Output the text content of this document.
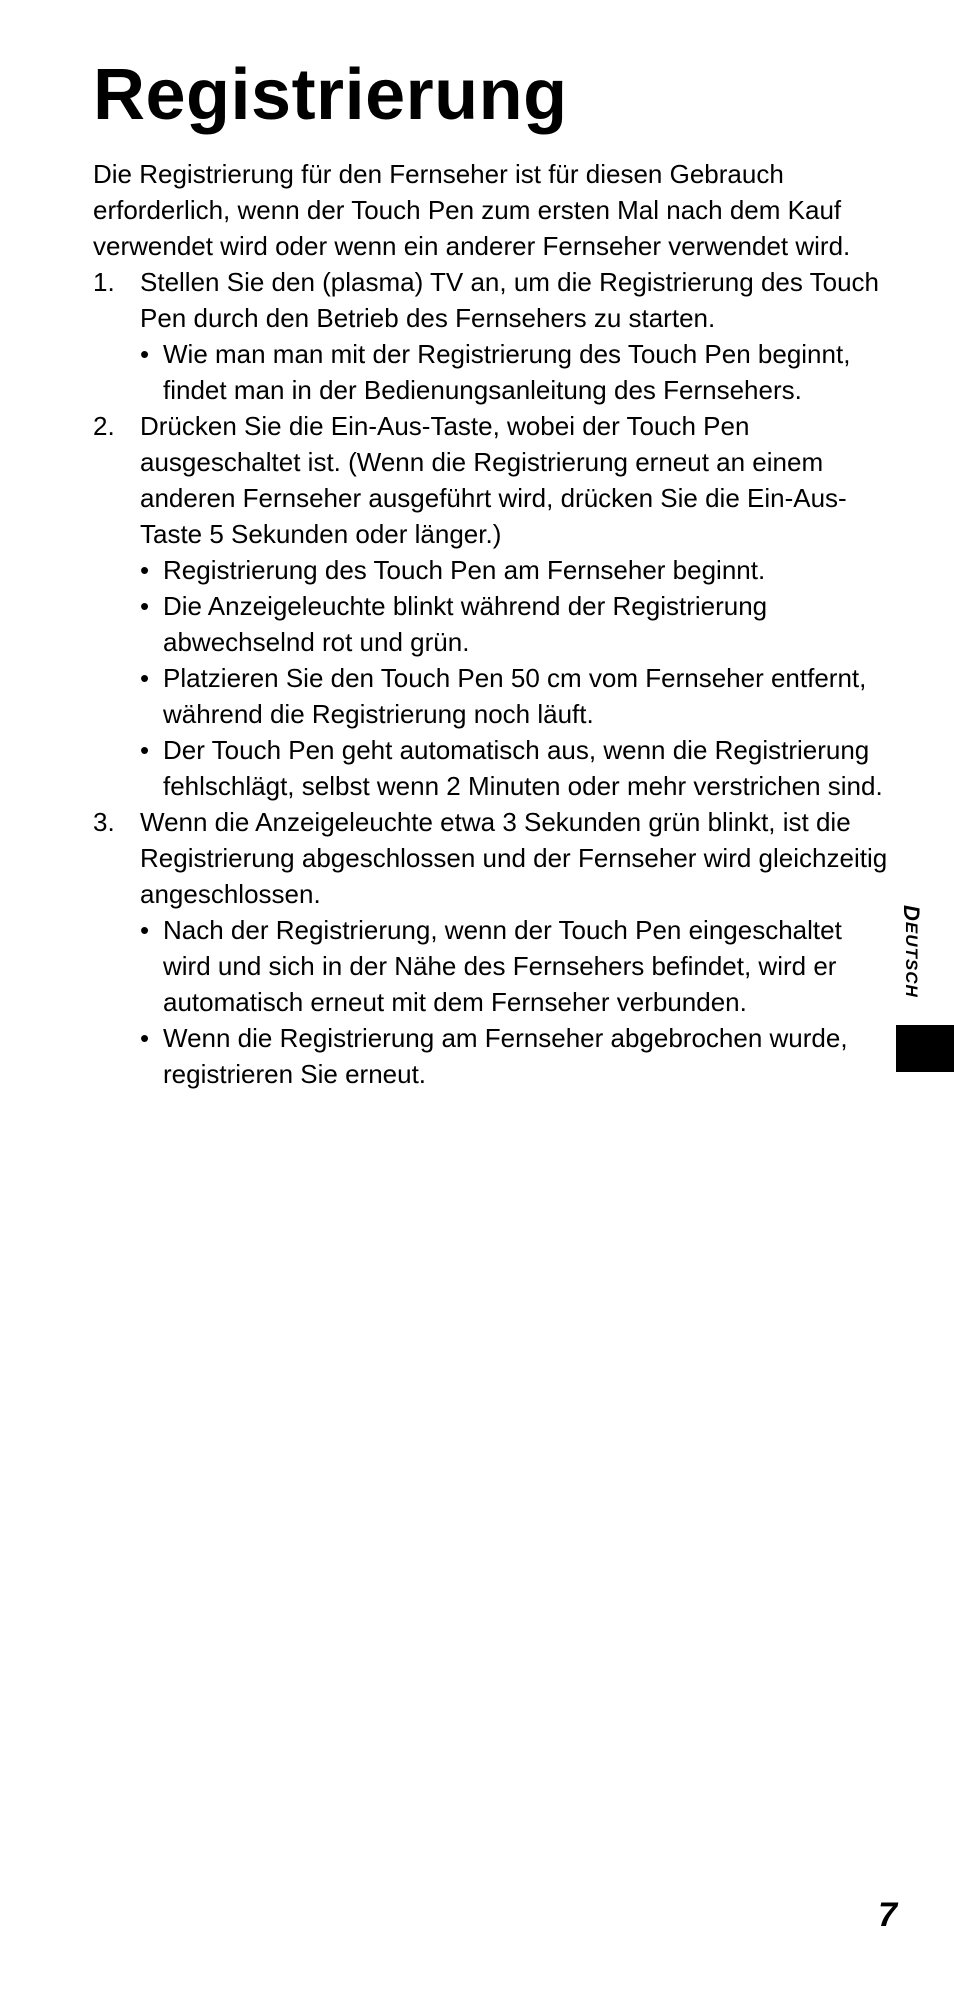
Registrierung

Die Registrierung für den Fernseher ist für diesen Gebrauch erforderlich, wenn der Touch Pen zum ersten Mal nach dem Kauf verwendet wird oder wenn ein anderer Fernseher verwendet wird.

1. Stellen Sie den (plasma) TV an, um die Registrierung des Touch Pen durch den Betrieb des Fernsehers zu starten.
• Wie man man mit der Registrierung des Touch Pen beginnt, findet man in der Bedienungsanleitung des Fernsehers.
2. Drücken Sie die Ein-Aus-Taste, wobei der Touch Pen ausgeschaltet ist. (Wenn die Registrierung erneut an einem anderen Fernseher ausgeführt wird, drücken Sie die Ein-Aus-Taste 5 Sekunden oder länger.)
• Registrierung des Touch Pen am Fernseher beginnt.
• Die Anzeigeleuchte blinkt während der Registrierung abwechselnd rot und grün.
• Platzieren Sie den Touch Pen 50 cm vom Fernseher entfernt, während die Registrierung noch läuft.
• Der Touch Pen geht automatisch aus, wenn die Registrierung fehlschlägt, selbst wenn 2 Minuten oder mehr verstrichen sind.
3. Wenn die Anzeigeleuchte etwa 3 Sekunden grün blinkt, ist die Registrierung abgeschlossen und der Fernseher wird gleichzeitig angeschlossen.
• Nach der Registrierung, wenn der Touch Pen eingeschaltet wird und sich in der Nähe des Fernsehers befindet, wird er automatisch erneut mit dem Fernseher verbunden.
• Wenn die Registrierung am Fernseher abgebrochen wurde, registrieren Sie erneut.
DEUTSCH
7
